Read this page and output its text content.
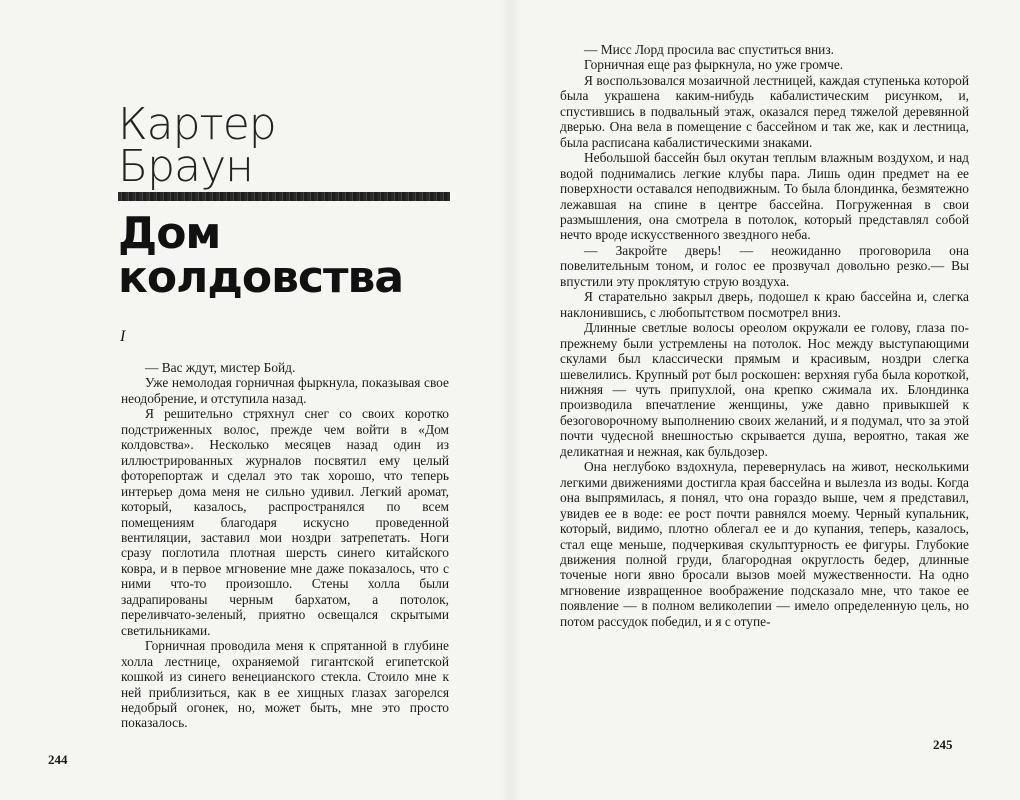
Картер
Браун
Дом
колдовства
I

— Вас ждут, мистер Бойд.

Уже немолодая горничная фыркнула, показывая свое неодобрение, и отступила назад.

Я решительно стряхнул снег со своих коротко подстриженных волос, прежде чем войти в «Дом колдовства». Несколько месяцев назад один из иллюстрированных журналов посвятил ему целый фоторепортаж и сделал это так хорошо, что теперь интерьер дома меня не сильно удивил. Легкий аромат, который, казалось, распространялся по всем помещениям благодаря искусно проведенной вентиляции, заставил мои ноздри затрепетать. Ноги сразу поглотила плотная шерсть синего китайского ковра, и в первое мгновение мне даже показалось, что с ними что-то произошло. Стены холла были задрапированы черным бархатом, а потолок, переливчато-зеленый, приятно освещался скрытыми светильниками.

Горничная проводила меня к спрятанной в глубине холла лестнице, охраняемой гигантской египетской кошкой из синего венецианского стекла. Стоило мне к ней приблизиться, как в ее хищных глазах загорелся недобрый огонек, но, может быть, мне это просто показалось.

244

— Мисс Лорд просила вас спуститься вниз.

Горничная еще раз фыркнула, но уже громче.

Я воспользовался мозаичной лестницей, каждая ступенька которой была украшена каким-нибудь кабалистическим рисунком, и, спустившись в подвальный этаж, оказался перед тяжелой деревянной дверью. Она вела в помещение с бассейном и так же, как и лестница, была расписана кабалистическими знаками.

Небольшой бассейн был окутан теплым влажным воздухом, и над водой поднимались легкие клубы пара. Лишь один предмет на ее поверхности оставался неподвижным. То была блондинка, безмятежно лежавшая на спине в центре бассейна. Погруженная в свои размышления, она смотрела в потолок, который представлял собой нечто вроде искусственного звездного неба.

— Закройте дверь! — неожиданно проговорила она повелительным тоном, и голос ее прозвучал довольно резко.— Вы впустили эту проклятую струю воздуха.

Я старательно закрыл дверь, подошел к краю бассейна и, слегка наклонившись, с любопытством посмотрел вниз.

Длинные светлые волосы ореолом окружали ее голову, глаза по-прежнему были устремлены на потолок. Нос между выступающими скулами был классически прямым и красивым, ноздри слегка шевелились. Крупный рот был роскошен: верхняя губа была короткой, нижняя — чуть припухлой, она крепко сжимала их. Блондинка производила впечатление женщины, уже давно привыкшей к безоговорочному выполнению своих желаний, и я подумал, что за этой почти чудесной внешностью скрывается душа, вероятно, такая же деликатная и нежная, как бульдозер.

Она неглубоко вздохнула, перевернулась на живот, несколькими легкими движениями достигла края бассейна и вылезла из воды. Когда она выпрямилась, я понял, что она гораздо выше, чем я представил, увидев ее в воде: ее рост почти равнялся моему. Черный купальник, который, видимо, плотно облегал ее и до купания, теперь, казалось, стал еще меньше, подчеркивая скульптурность ее фигуры. Глубокие движения полной груди, благородная округлость бедер, длинные точеные ноги явно бросали вызов моей мужественности. На одно мгновение извращенное воображение подсказало мне, что такое ее появление — в полном великолепии — имело определенную цель, но потом рассудок победил, и я с отупе-

245
